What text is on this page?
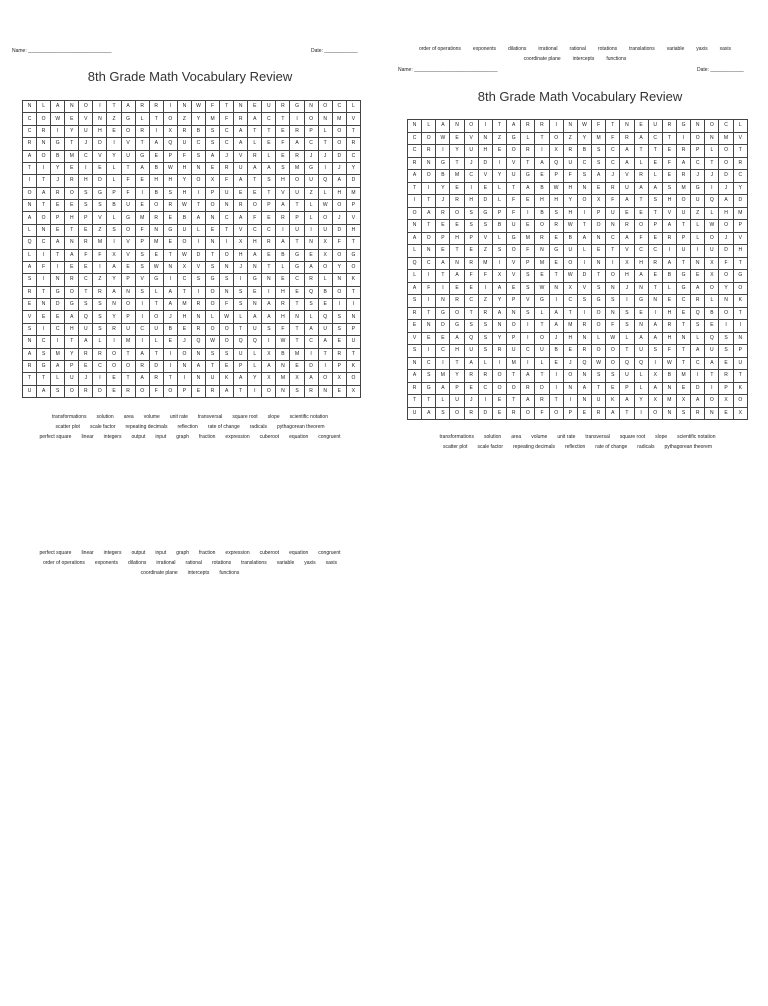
Name: ______________________________	Date: ____________
8th Grade Math Vocabulary Review
N	L	A	N	O	I	T	A	R	R	I	N	W	F	T	N	E	U	R	G	N	O	C	L
C	O	W	E	V	N	Z	G	L	T	O	Z	Y	M	F	R	A	C	T	I	O	N	M	V
C	R	I	Y	U	H	E	O	R	I	X	R	B	S	C	A	T	T	E	R	P	L	O	T
R	N	G	T	J	D	I	V	T	A	Q	U	C	S	C	A	L	E	F	A	C	T	O	R
A	O	B	M	C	V	Y	U	G	E	P	F	S	A	J	V	R	L	E	R	J	J	D	C
T	I	Y	E	I	E	L	T	A	B	W	H	N	E	R	U	A	A	S	M	G	I	J	Y
I	T	J	R	H	D	L	F	E	H	H	Y	O	X	F	A	T	S	H	O	U	Q	A	D
O	A	R	O	S	G	P	F	I	B	S	H	I	P	U	E	E	T	V	U	Z	L	H	M
N	T	E	E	S	S	B	U	E	O	R	W	T	O	N	R	O	P	A	T	L	W	O	P
A	O	P	H	P	V	L	G	M	R	E	B	A	N	C	A	F	E	R	P	L	O	J	V
L	N	E	T	E	Z	S	O	F	N	G	U	L	E	T	V	C	C	I	U	I	U	D	H
Q	C	A	N	R	M	I	V	P	M	E	O	I	N	I	X	H	R	A	T	N	X	F	T
L	I	T	A	F	F	X	V	S	E	T	W	D	T	O	H	A	E	B	G	E	X	O	G
A	F	I	E	E	I	A	E	S	W	N	X	V	S	N	J	N	T	L	G	A	O	Y	O
S	I	N	R	C	Z	Y	P	V	G	I	C	S	G	S	I	G	N	E	C	R	L	N	K
R	T	G	O	T	R	A	N	S	L	A	T	I	O	N	S	E	I	H	E	Q	B	O	T
E	N	D	G	S	S	N	O	I	T	A	M	R	O	F	S	N	A	R	T	S	E	I	I
V	E	E	A	Q	S	Y	P	I	O	J	H	N	L	W	L	A	A	H	N	L	Q	S	N
S	I	C	H	U	S	R	U	C	U	B	E	R	O	O	T	U	S	F	T	A	U	S	P
N	C	I	T	A	L	I	M	I	L	E	J	Q	W	O	Q	Q	I	W	T	C	A	E	U
A	S	M	Y	R	R	O	T	A	T	I	O	N	S	S	U	L	X	B	M	I	T	R	T
R	G	A	P	E	C	O	O	R	D	I	N	A	T	E	P	L	A	N	E	D	I	P	K
T	T	L	U	J	I	E	T	A	R	T	I	N	U	K	A	Y	X	M	X	A	O	X	O
U	A	S	O	R	D	E	R	O	F	O	P	E	R	A	T	I	O	N	S	R	N	E	X
transformations solution area volume unit rate transversal square root slope scientific notation
scatter plot scale factor repeating decimals reflection rate of change radicals pythagorean theorem
perfect square linear integers output input graph fraction expression cuberoot equation congruent
perfect square linear integers output input graph fraction expression cuberoot equation congruent
order of operations exponents dilations irrational rational rotations translations variable yaxis xaxis
coordinate plane intercepts functions
order of operations exponents dilations irrational rational rotations translations variable yaxis xaxis
coordinate plane intercepts functions
Name: ______________________________	Date: ____________
8th Grade Math Vocabulary Review
N	L	A	N	O	I	T	A	R	R	I	N	W	F	T	N	E	U	R	G	N	O	C	L
C	O	W	E	V	N	Z	G	L	T	O	Z	Y	M	F	R	A	C	T	I	O	N	M	V
C	R	I	Y	U	H	E	O	R	I	X	R	B	S	C	A	T	T	E	R	P	L	O	T
R	N	G	T	J	D	I	V	T	A	Q	U	C	S	C	A	L	E	F	A	C	T	O	R
A	O	B	M	C	V	Y	U	G	E	P	F	S	A	J	V	R	L	E	R	J	J	D	C
T	I	Y	E	I	E	L	T	A	B	W	H	N	E	R	U	A	A	S	M	G	I	J	Y
I	T	J	R	H	D	L	F	E	H	H	Y	O	X	F	A	T	S	H	O	U	Q	A	D
O	A	R	O	S	G	P	F	I	B	S	H	I	P	U	E	E	T	V	U	Z	L	H	M
N	T	E	E	S	S	B	U	E	O	R	W	T	O	N	R	O	P	A	T	L	W	O	P
A	O	P	H	P	V	L	G	M	R	E	B	A	N	C	A	F	E	R	P	L	O	J	V
L	N	E	T	E	Z	S	O	F	N	G	U	L	E	T	V	C	C	I	U	I	U	D	H
Q	C	A	N	R	M	I	V	P	M	E	O	I	N	I	X	H	R	A	T	N	X	F	T
L	I	T	A	F	F	X	V	S	E	T	W	D	T	O	H	A	E	B	G	E	X	O	G
A	F	I	E	E	I	A	E	S	W	N	X	V	S	N	J	N	T	L	G	A	O	Y	O
S	I	N	R	C	Z	Y	P	V	G	I	C	S	G	S	I	G	N	E	C	R	L	N	K
R	T	G	O	T	R	A	N	S	L	A	T	I	O	N	S	E	I	H	E	Q	B	O	T
E	N	D	G	S	S	N	O	I	T	A	M	R	O	F	S	N	A	R	T	S	E	I	I
V	E	E	A	Q	S	Y	P	I	O	J	H	N	L	W	L	A	A	H	N	L	Q	S	N
S	I	C	H	U	S	R	U	C	U	B	E	R	O	O	T	U	S	F	T	A	U	S	P
N	C	I	T	A	L	I	M	I	L	E	J	Q	W	O	Q	Q	I	W	T	C	A	E	U
A	S	M	Y	R	R	O	T	A	T	I	O	N	S	S	U	L	X	B	M	I	T	R	T
R	G	A	P	E	C	O	O	R	D	I	N	A	T	E	P	L	A	N	E	D	I	P	K
T	T	L	U	J	I	E	T	A	R	T	I	N	U	K	A	Y	X	M	X	A	O	X	O
U	A	S	O	R	D	E	R	O	F	O	P	E	R	A	T	I	O	N	S	R	N	E	X
transformations solution area volume unit rate transversal square root slope scientific notation
scatter plot scale factor repeating decimals reflection rate of change radicals pythagorean theorem
